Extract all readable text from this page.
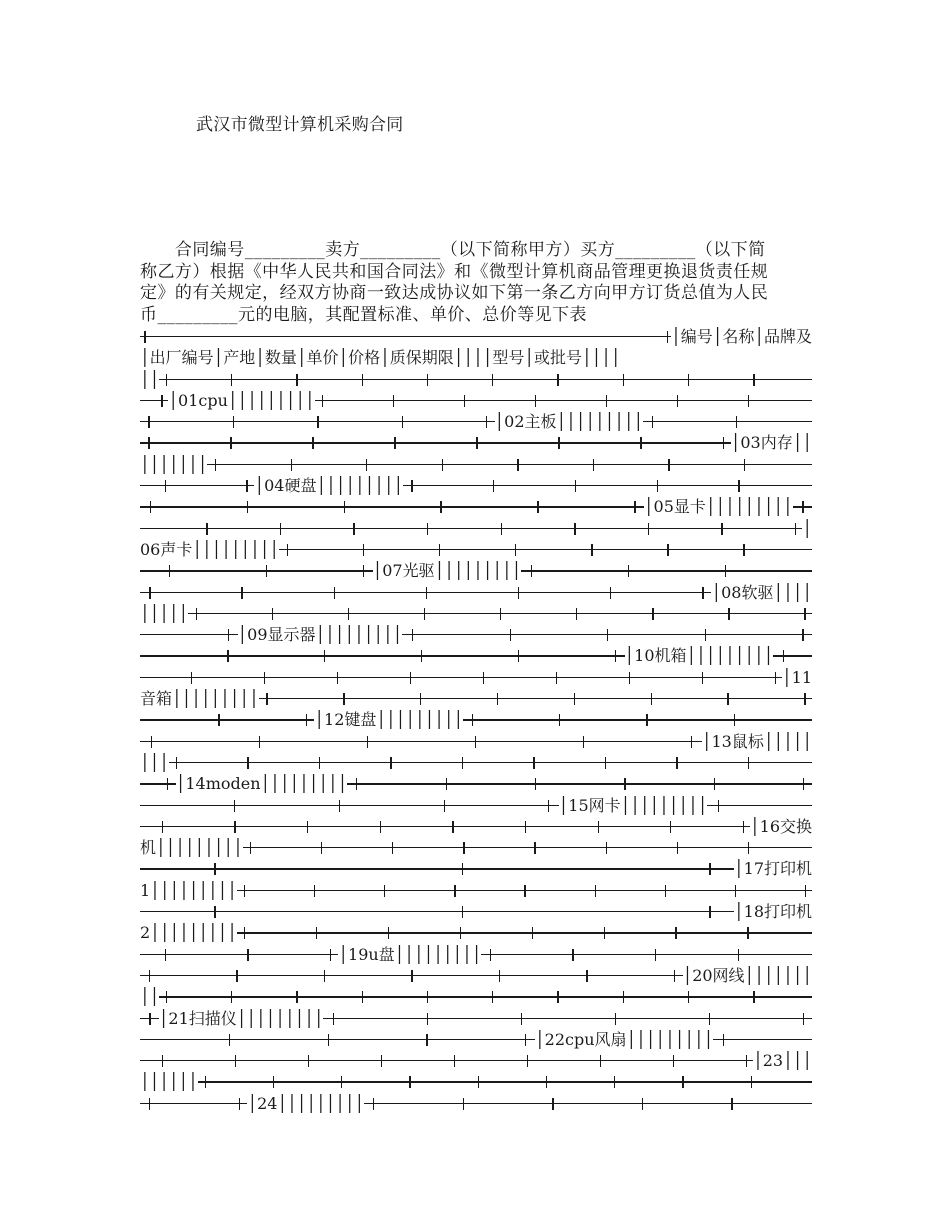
武汉市微型计算机采购合同
　　合同编号_________卖方_________（以下简称甲方）买方_________（以下简
称乙方）根据《中华人民共和国合同法》和《微型计算机商品管理更换退货责任规
定》的有关规定，经双方协商一致达成协议如下第一条乙方向甲方订货总值为人民
币_________元的电脑，其配置标准、单价、总价等见下表
│编号│名称│品牌及
│出厂编号│产地│数量│单价│价格│质保期限││││型号│或批号││││
││
│01cpu│││││││││
│02主板│││││││││
│03内存││
│││││││
│04硬盘│││││││││
│05显卡│││││││││
│
06声卡│││││││││
│07光驱│││││││││
│08软驱││││
│││││
│09显示器│││││││││
│10机箱│││││││││
│11
音箱│││││││││
│12键盘│││││││││
│13鼠标│││││
│││
│14moden│││││││││
│15网卡│││││││││
│16交换
机│││││││││
│17打印机
1│││││││││
│18打印机
2│││││││││
│19u盘│││││││││
│20网线│││││││
││
│21扫描仪│││││││││
│22cpu风扇│││││││││
│23│││
││││││
│24│││││││││
